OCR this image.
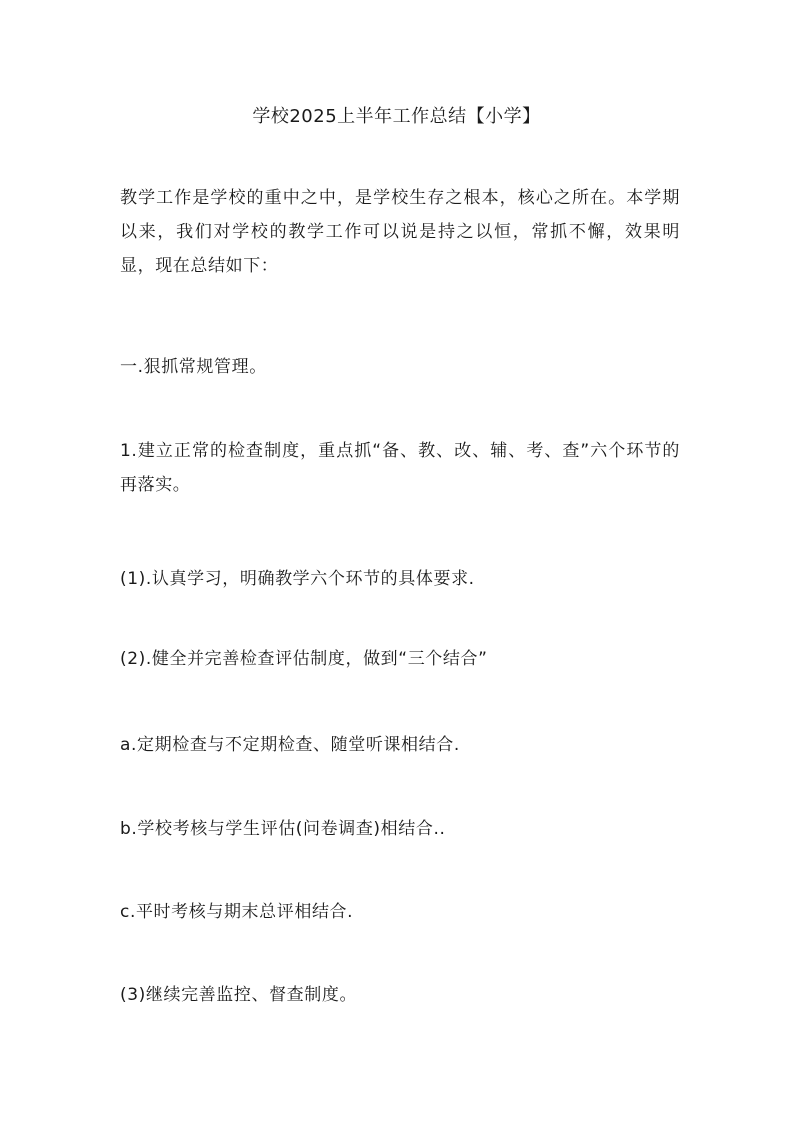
学校2025上半年工作总结【小学】

教学工作是学校的重中之中，是学校生存之根本，核心之所在。本学期以来，我们对学校的教学工作可以说是持之以恒，常抓不懈，效果明显，现在总结如下：

一.狠抓常规管理。

1.建立正常的检查制度，重点抓“备、教、改、辅、考、查”六个环节的再落实。

(1).认真学习，明确教学六个环节的具体要求.

(2).健全并完善检查评估制度，做到“三个结合”

a.定期检查与不定期检查、随堂听课相结合.

b.学校考核与学生评估(问卷调查)相结合..

c.平时考核与期末总评相结合.

(3)继续完善监控、督查制度。
